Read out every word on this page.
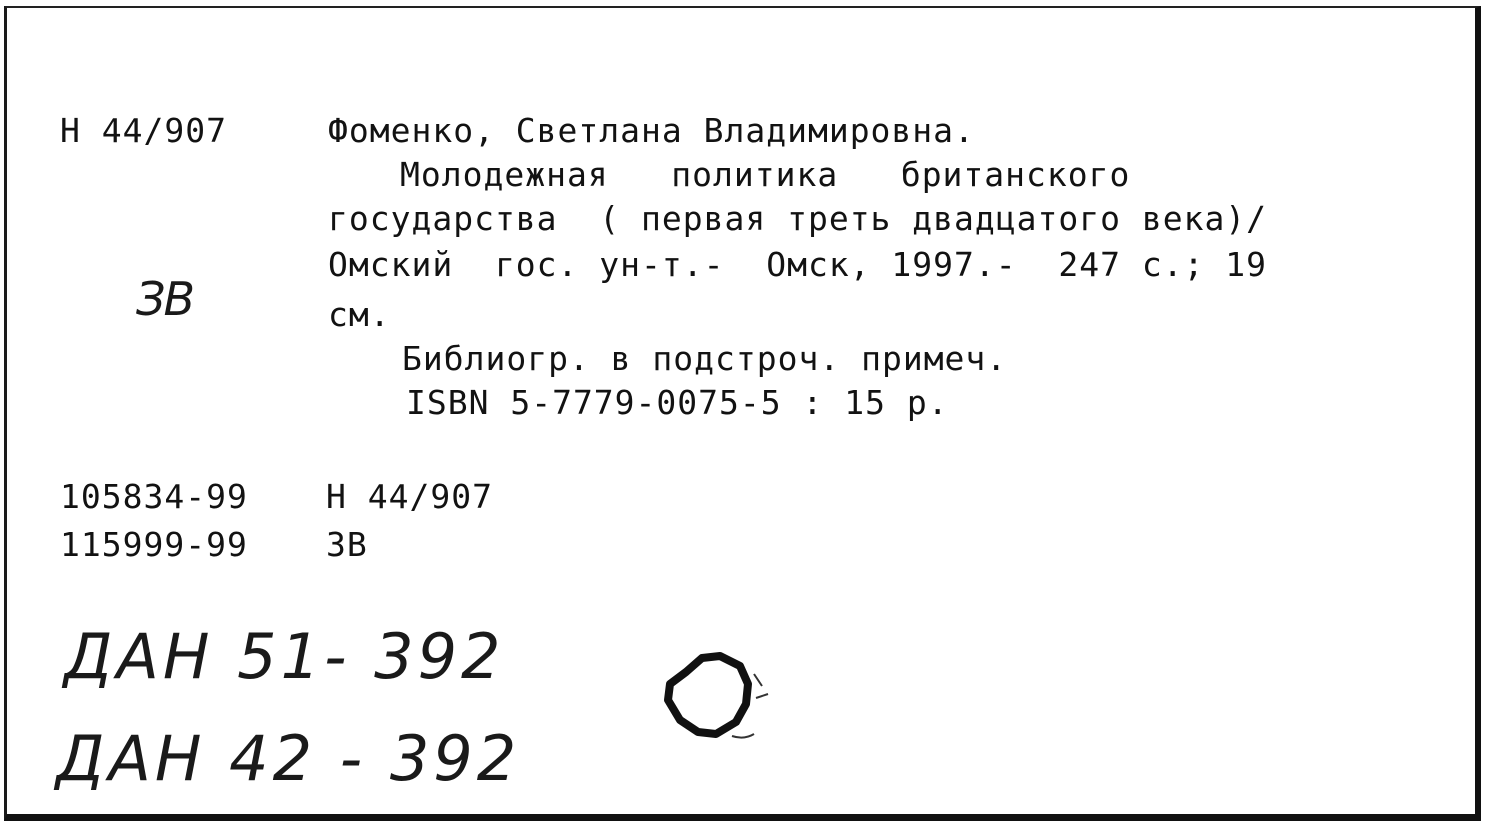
Н 44/907	Фоменко, Светлана Владимировна.
Молодежная   политика   британского
государства  ( первая треть двадцатого века)/
Омский  гос. ун-т.-  Омск, 1997.-  247 с.; 19
см.
Библиогр. в подстроч. примеч.
ISBN 5-7779-0075-5 : 15 р.
105834-99 Н 44/907
115999-99 ЗВ
ЗВ
ДАН 51- 392
ДАН 42 - 392
